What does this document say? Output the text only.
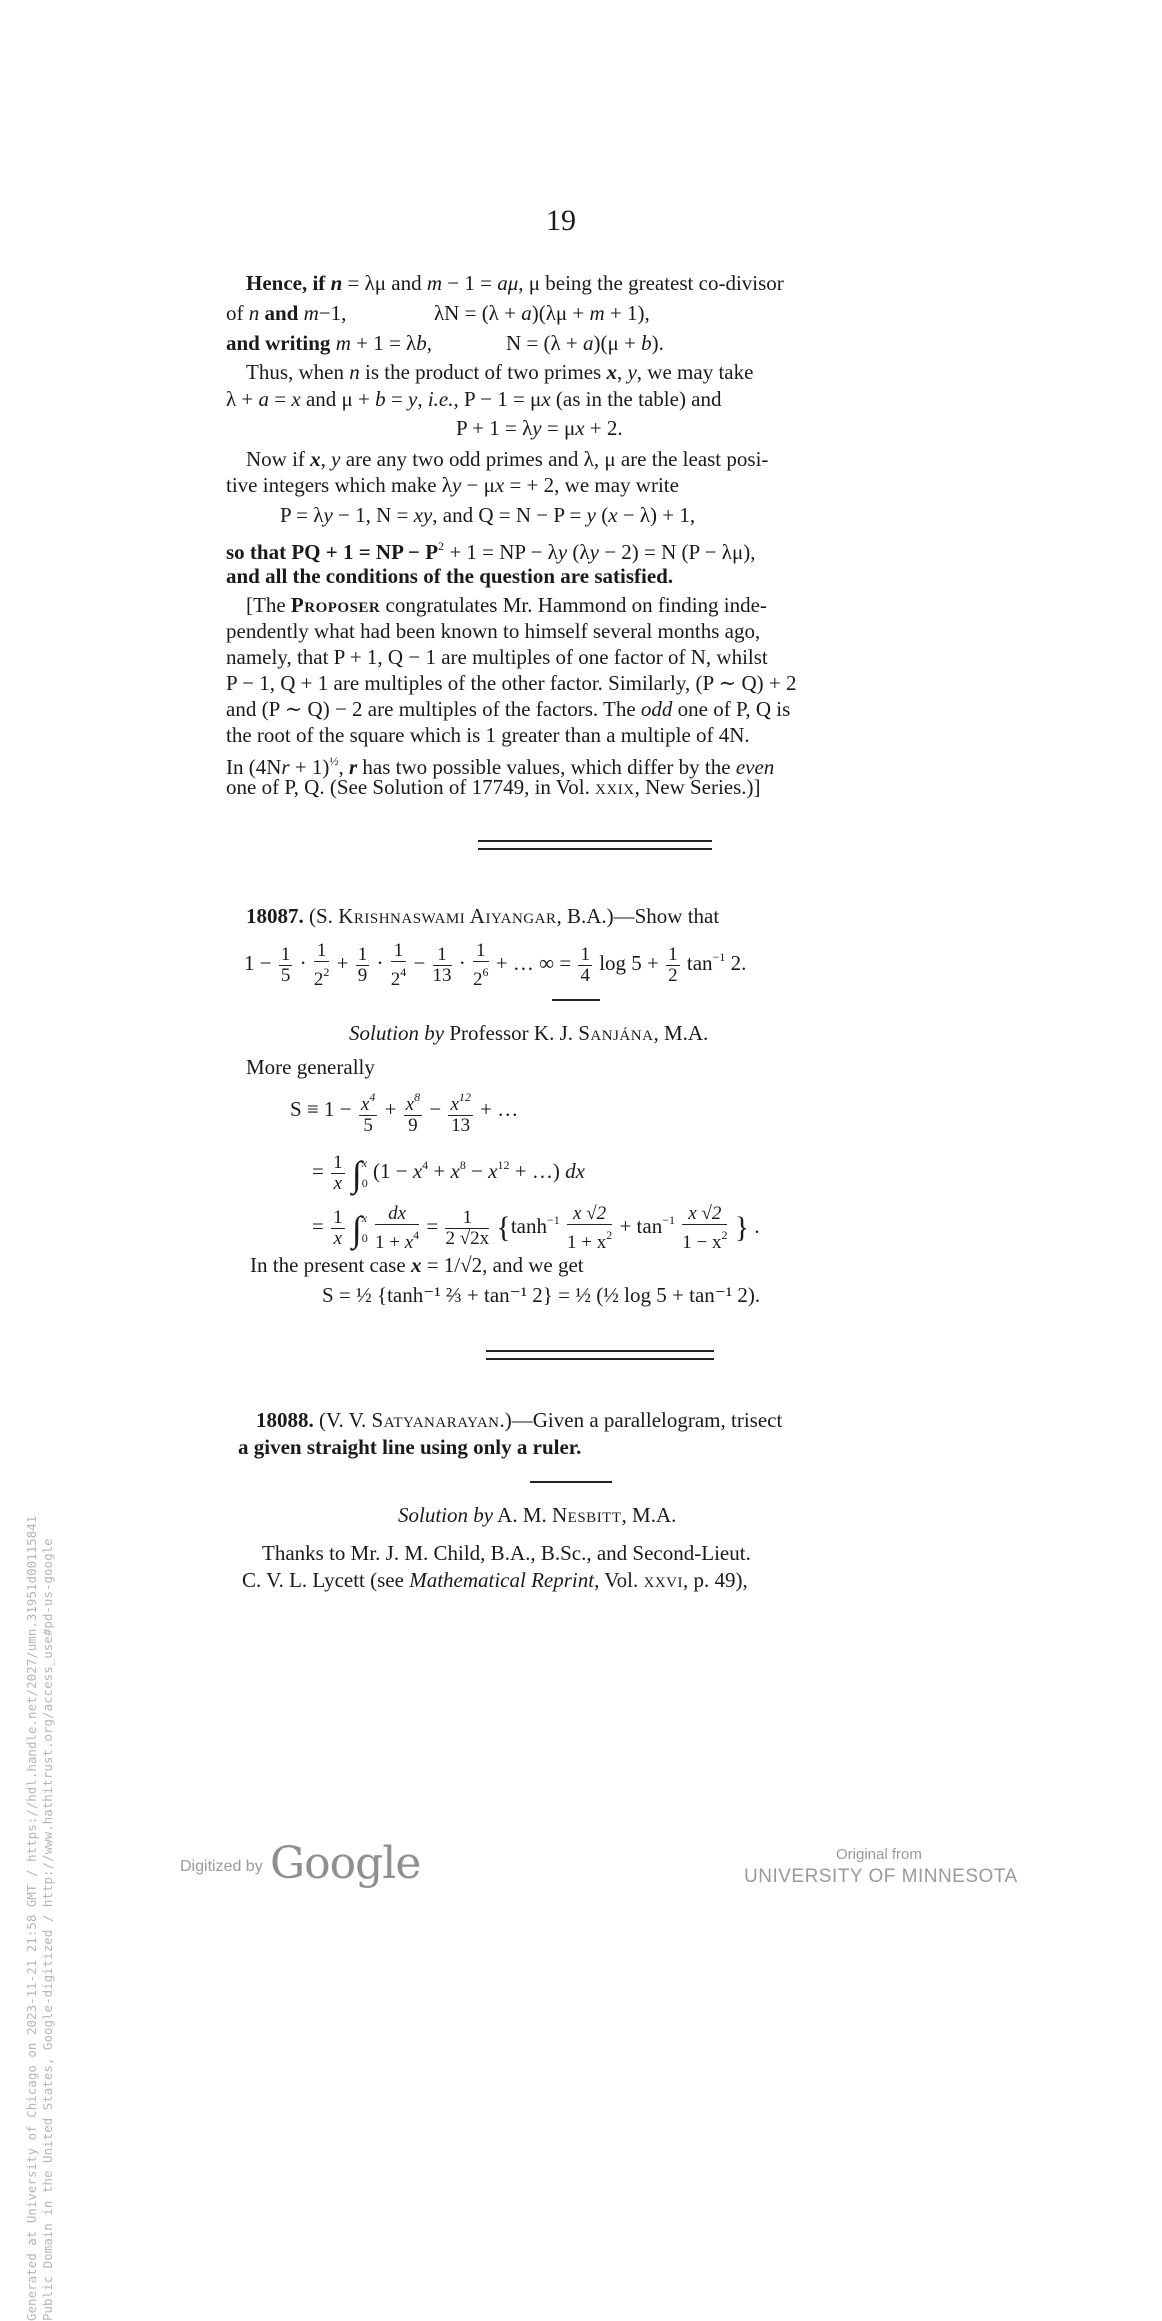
Generated at University of Chicago on 2023-11-21 21:58 GMT / https://hdl.handle.net/2027/umn.31951d00115841 Public Domain in the United States, Google-digitized / http://www.hathitrust.org/access_use#pd-us-google
19
Hence, if n = λμ and m − 1 = aμ, μ being the greatest co-divisor
of n and m−1,	λN = (λ + a)(λμ + m + 1),
and writing m + 1 = λb,	N = (λ + a)(μ + b).
Thus, when n is the product of two primes x, y, we may take
λ + a = x and μ + b = y, i.e., P − 1 = μx (as in the table) and
P + 1 = λy = μx + 2.
Now if x, y are any two odd primes and λ, μ are the least posi-
tive integers which make λy − μx = + 2, we may write
P = λy − 1, N = xy, and Q = N − P = y (x − λ) + 1,
so that PQ + 1 = NP − $P^2 + 1$ = NP − λy (λy − 2) = N (P − λμ),
and all the conditions of the question are satisfied.
[The Proposer congratulates Mr. Hammond on finding inde-
pendently what had been known to himself several months ago,
namely, that P + 1, Q − 1 are multiples of one factor of N, whilst
P − 1, Q + 1 are multiples of the other factor. Similarly, (P ∼ Q) + 2
and (P ∼ Q) − 2 are multiples of the factors. The odd one of P, Q is
the root of the square which is 1 greater than a multiple of 4N.
In $(4Nr + 1)^{\frac{1}{2}}$, r has two possible values, which differ by the even
one of P, Q. (See Solution of 17749, in Vol. xxix, New Series.)]
18087. (S. Krishnaswami Aiyangar, B.A.)—Show that
$1 - \frac{1}{5} \cdot \frac{1}{2^2} + \frac{1}{9} \cdot \frac{1}{2^4} - \frac{1}{13} \cdot \frac{1}{2^6}$ + … ∞ = $\frac{1}{4}$ $\log 5 + \frac{1}{2} \tan^{-1} 2$.
Solution by Professor K. J. Sanjána, M.A.
More generally
$S \equiv 1 - \frac{x^4}{5} + \frac{x^8}{9} - \frac{x^{12}}{13}$ + …
= $\frac{1}{x}$ ∫ x
0
($1 - x^4 + x^8 - x^{12}$ + …) dx
= $\frac{1}{x}$ ∫ x
0
$\frac{dx}{1 + x^4} = \frac{1}{2 √2x} \{\tanh^{-1} \frac{x √2}{1 + x^2} + \tan^{-1} \frac{x √2}{1 - x^2}$ } .
In the present case x = 1/√2, and we get
S = ½ {tanh⁻¹ ⅔ + tan⁻¹ 2} = ½ (½ log 5 + tan⁻¹ 2).
18088. (V. V. Satyanarayan.)—Given a parallelogram, trisect
a given straight line using only a ruler.
Solution by A. M. Nesbitt, M.A.
Thanks to Mr. J. M. Child, B.A., B.Sc., and Second-Lieut.
C. V. L. Lycett (see Mathematical Reprint, Vol. xxvi, p. 49),
Digitized by Google	Original from
UNIVERSITY OF MINNESOTA
